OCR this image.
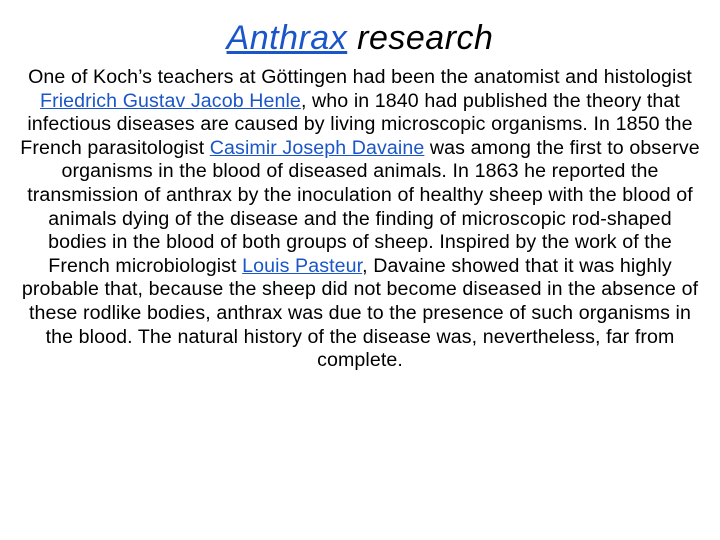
Anthrax research
One of Koch’s teachers at Göttingen had been the anatomist and histologist Friedrich Gustav Jacob Henle, who in 1840 had published the theory that infectious diseases are caused by living microscopic organisms. In 1850 the French parasitologist Casimir Joseph Davaine was among the first to observe organisms in the blood of diseased animals. In 1863 he reported the transmission of anthrax by the inoculation of healthy sheep with the blood of animals dying of the disease and the finding of microscopic rod-shaped bodies in the blood of both groups of sheep. Inspired by the work of the French microbiologist Louis Pasteur, Davaine showed that it was highly probable that, because the sheep did not become diseased in the absence of these rodlike bodies, anthrax was due to the presence of such organisms in the blood. The natural history of the disease was, nevertheless, far from complete.
